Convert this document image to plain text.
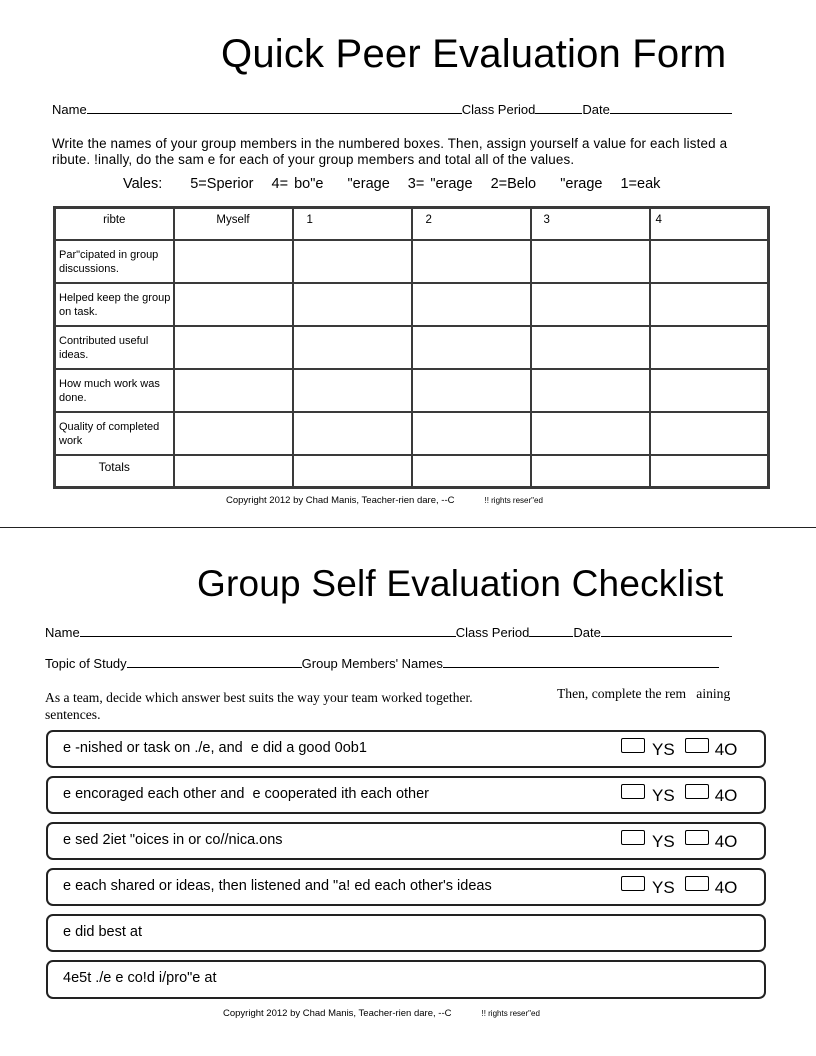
Quick Peer Evaluation Form
Name	Class Period	Date
Write the names of your group members in the numbered boxes. Then, assign yourself a value for each listed a ribute. !inally, do the sam e for each of your group members and total all of the values.
Vales: 5=Sperior 4= bo"e    "erage 3= "erage 2=Belo    "erage 1=eak
ribte	Myself	1	2	3	4
Par"cipated in group discussions.					
Helped keep the group on task.					
Contributed useful  ideas.					
How much work was done.					
Quality of completed work					
Totals					
Copyright 2012 by Chad Manis, Teacher-rien dare, --C	!! rights reser"ed
Group Self Evaluation Checklist
Name	Class Period	Date
Topic of Study	Group Members' Names
As a team, decide which answer best suits the way your team worked together.	Then, complete the rem   aining
sentences.
e -nished or task on ./e, and  e did a good 0ob1	YS 4O
e encoraged each other and  e cooperated ith each other	YS 4O
e sed 2iet "oices in or co//nica.ons	YS 4O
e each shared or ideas, then listened and "a! ed each other's ideas	YS 4O
e did best at
4e5t ./e e co!d i/pro"e at
Copyright 2012 by Chad Manis, Teacher-rien dare, --C	!! rights reser"ed
